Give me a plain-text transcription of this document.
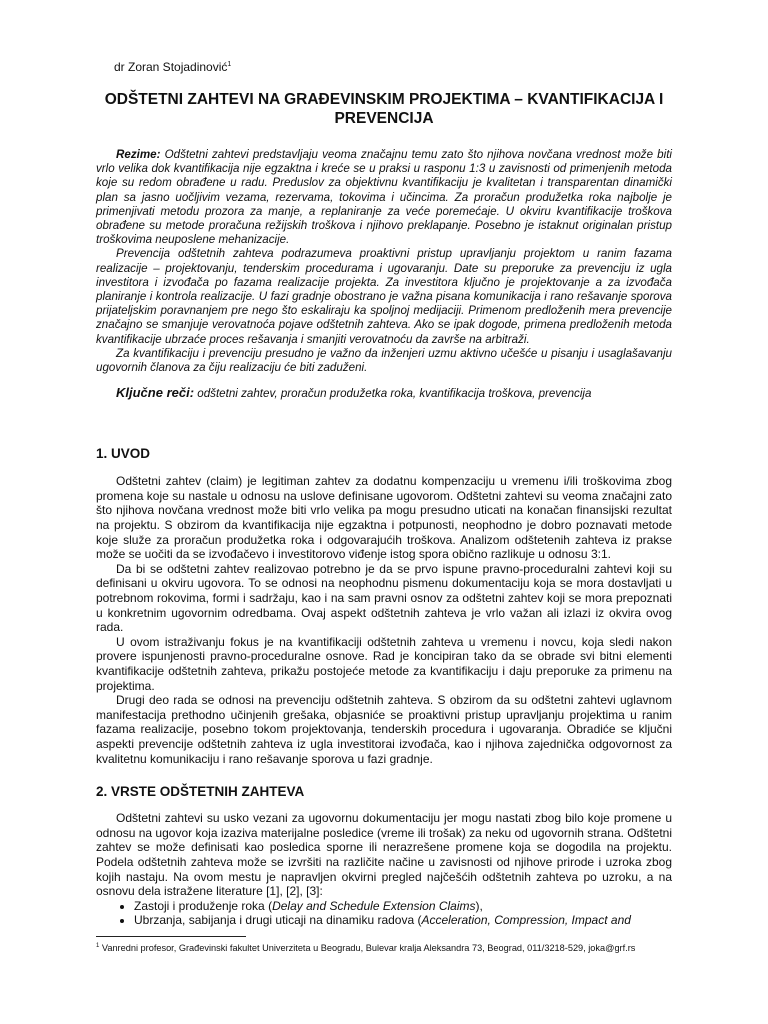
dr Zoran Stojadinović$^1$
ODŠTETNI ZAHTEVI NA GRAĐEVINSKIM PROJEKTIMA – KVANTIFIKACIJA I PREVENCIJA

Rezime: Odštetni zahtevi predstavljaju veoma značajnu temu zato što njihova novčana vrednost može biti vrlo velika dok kvantifikacija nije egzaktna i kreće se u praksi u rasponu 1:3 u zavisnosti od primenjenih metoda koje su redom obrađene u radu. Preduslov za objektivnu kvantifikaciju je kvalitetan i transparentan dinamički plan sa jasno uočljivim vezama, rezervama, tokovima i učincima. Za proračun produžetka roka najbolje je primenjivati metodu prozora za manje, a replaniranje za veće poremećaje. U okviru kvantifikacije troškova obrađene su metode proračuna režijskih troškova i njihovo preklapanje. Posebno je istaknut originalan pristup troškovima neuposlene mehanizacije.

Prevencija odštetnih zahteva podrazumeva proaktivni pristup upravljanju projektom u ranim fazama realizacije – projektovanju, tenderskim procedurama i ugovaranju. Date su preporuke za prevenciju iz ugla investitora i izvođača po fazama realizacije projekta. Za investitora ključno je projektovanje a za izvođača planiranje i kontrola realizacije. U fazi gradnje obostrano je važna pisana komunikacija i rano rešavanje sporova prijateljskim poravnanjem pre nego što eskaliraju ka spoljnoj medijaciji. Primenom predloženih mera prevencije značajno se smanjuje verovatnoća pojave odštetnih zahteva. Ako se ipak dogode, primena predloženih metoda kvantifikacije ubrzaće proces rešavanja i smanjiti verovatnoću da završe na arbitraži.

Za kvantifikaciju i prevenciju presudno je važno da inženjeri uzmu aktivno učešće u pisanju i usaglašavanju ugovornih članova za čiju realizaciju će biti zaduženi.

Ključne reči: odštetni zahtev, proračun produžetka roka, kvantifikacija troškova, prevencija
1. UVOD

Odštetni zahtev (claim) je legitiman zahtev za dodatnu kompenzaciju u vremenu i/ili troškovima zbog promena koje su nastale u odnosu na uslove definisane ugovorom. Odštetni zahtevi su veoma značajni zato što njihova novčana vrednost može biti vrlo velika pa mogu presudno uticati na konačan finansijski rezultat na projektu. S obzirom da kvantifikacija nije egzaktna i potpunosti, neophodno je dobro poznavati metode koje služe za proračun produžetka roka i odgovarajućih troškova. Analizom odštetenih zahteva iz prakse može se uočiti da se izvođačevo i investitorovo viđenje istog spora obično razlikuje u odnosu 3:1.

Da bi se odštetni zahtev realizovao potrebno je da se prvo ispune pravno-proceduralni zahtevi koji su definisani u okviru ugovora. To se odnosi na neophodnu pismenu dokumentaciju koja se mora dostavljati u potrebnom rokovima, formi i sadržaju, kao i na sam pravni osnov za odštetni zahtev koji se mora prepoznati u konkretnim ugovornim odredbama. Ovaj aspekt odštetnih zahteva je vrlo važan ali izlazi iz okvira ovog rada.

U ovom istraživanju fokus je na kvantifikaciji odštetnih zahteva u vremenu i novcu, koja sledi nakon provere ispunjenosti pravno-proceduralne osnove. Rad je koncipiran tako da se obrade svi bitni elementi kvantifikacije odštetnih zahteva, prikažu postojeće metode za kvantifikaciju i daju preporuke za primenu na projektima.

Drugi deo rada se odnosi na prevenciju odštetnih zahteva. S obzirom da su odštetni zahtevi uglavnom manifestacija prethodno učinjenih grešaka, objasniće se proaktivni pristup upravljanju projektima u ranim fazama realizacije, posebno tokom projektovanja, tenderskih procedura i ugovaranja. Obradiće se ključni aspekti prevencije odštetnih zahteva iz ugla investitorai izvođača, kao i njihova zajednička odgovornost za kvalitetnu komunikaciju i rano rešavanje sporova u fazi gradnje.

2. VRSTE ODŠTETNIH ZAHTEVA

Odštetni zahtevi su usko vezani za ugovornu dokumentaciju jer mogu nastati zbog bilo koje promene u odnosu na ugovor koja izaziva materijalne posledice (vreme ili trošak) za neku od ugovornih strana. Odštetni zahtev se može definisati kao posledica sporne ili nerazrešene promene koja se dogodila na projektu. Podela odštetnih zahteva može se izvršiti na različite načine u zavisnosti od njihove prirode i uzroka zbog kojih nastaju. Na ovom mestu je napravljen okvirni pregled najčešćih odštetnih zahteva po uzroku, a na osnovu dela istražene literature [1], [2], [3]:

• Zastoji i produženje roka (Delay and Schedule Extension Claims),
• Ubrzanja, sabijanja i drugi uticaji na dinamiku radova (Acceleration, Compression, Impact and
$^1$ Vanredni profesor, Građevinski fakultet Univerziteta u Beogradu, Bulevar kralja Aleksandra 73, Beograd, 011/3218-529, joka@grf.rs
